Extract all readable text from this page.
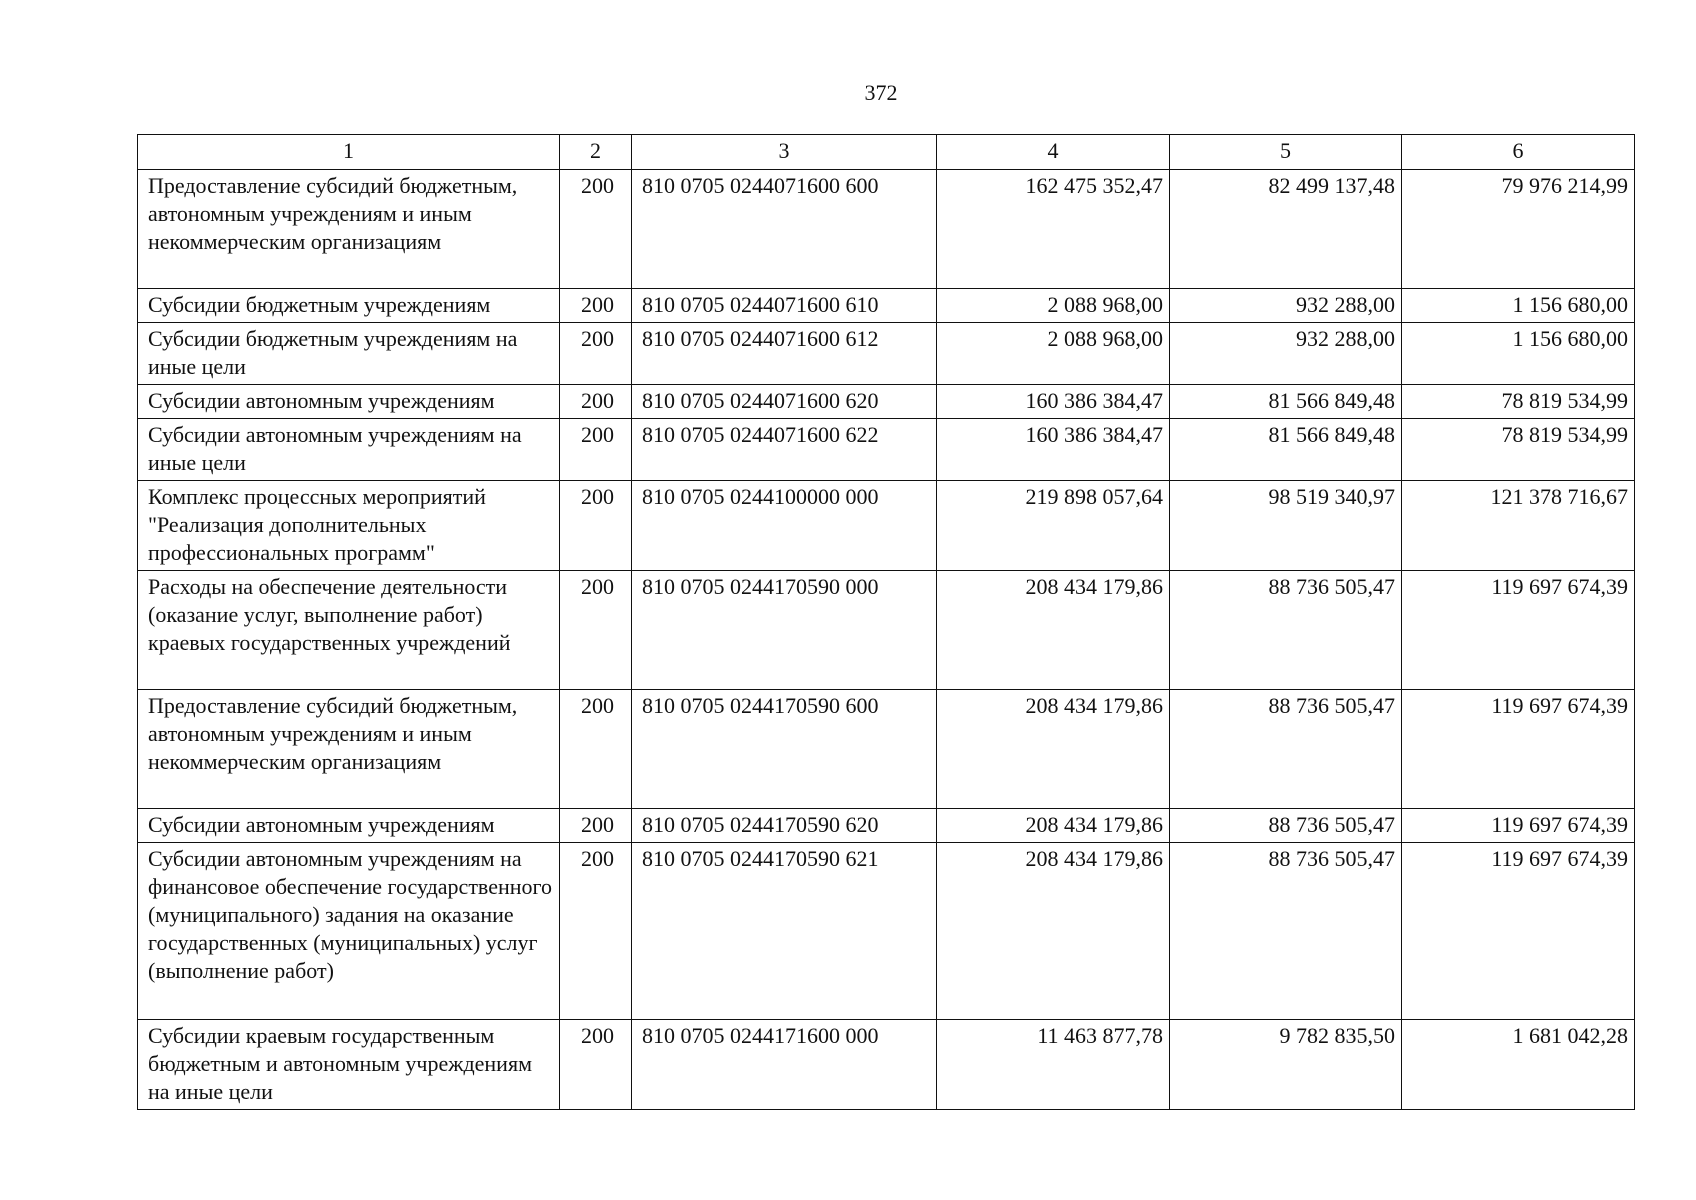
372
1	2	3	4	5	6
Предоставление субсидий бюджетным, автономным учреждениям и иным некоммерческим организациям	200	810 0705 0244071600 600	162 475 352,47	82 499 137,48	79 976 214,99
Субсидии бюджетным учреждениям	200	810 0705 0244071600 610	2 088 968,00	932 288,00	1 156 680,00
Субсидии бюджетным учреждениям на иные цели	200	810 0705 0244071600 612	2 088 968,00	932 288,00	1 156 680,00
Субсидии автономным учреждениям	200	810 0705 0244071600 620	160 386 384,47	81 566 849,48	78 819 534,99
Субсидии автономным учреждениям на иные цели	200	810 0705 0244071600 622	160 386 384,47	81 566 849,48	78 819 534,99
Комплекс процессных мероприятий "Реализация дополнительных профессиональных программ"	200	810 0705 0244100000 000	219 898 057,64	98 519 340,97	121 378 716,67
Расходы на обеспечение деятельности (оказание услуг, выполнение работ) краевых государственных учреждений	200	810 0705 0244170590 000	208 434 179,86	88 736 505,47	119 697 674,39
Предоставление субсидий бюджетным, автономным учреждениям и иным некоммерческим организациям	200	810 0705 0244170590 600	208 434 179,86	88 736 505,47	119 697 674,39
Субсидии автономным учреждениям	200	810 0705 0244170590 620	208 434 179,86	88 736 505,47	119 697 674,39
Субсидии автономным учреждениям на финансовое обеспечение государственного (муниципального) задания на оказание государственных (муниципальных) услуг (выполнение работ)	200	810 0705 0244170590 621	208 434 179,86	88 736 505,47	119 697 674,39
Субсидии краевым государственным бюджетным и автономным учреждениям на иные цели	200	810 0705 0244171600 000	11 463 877,78	9 782 835,50	1 681 042,28
